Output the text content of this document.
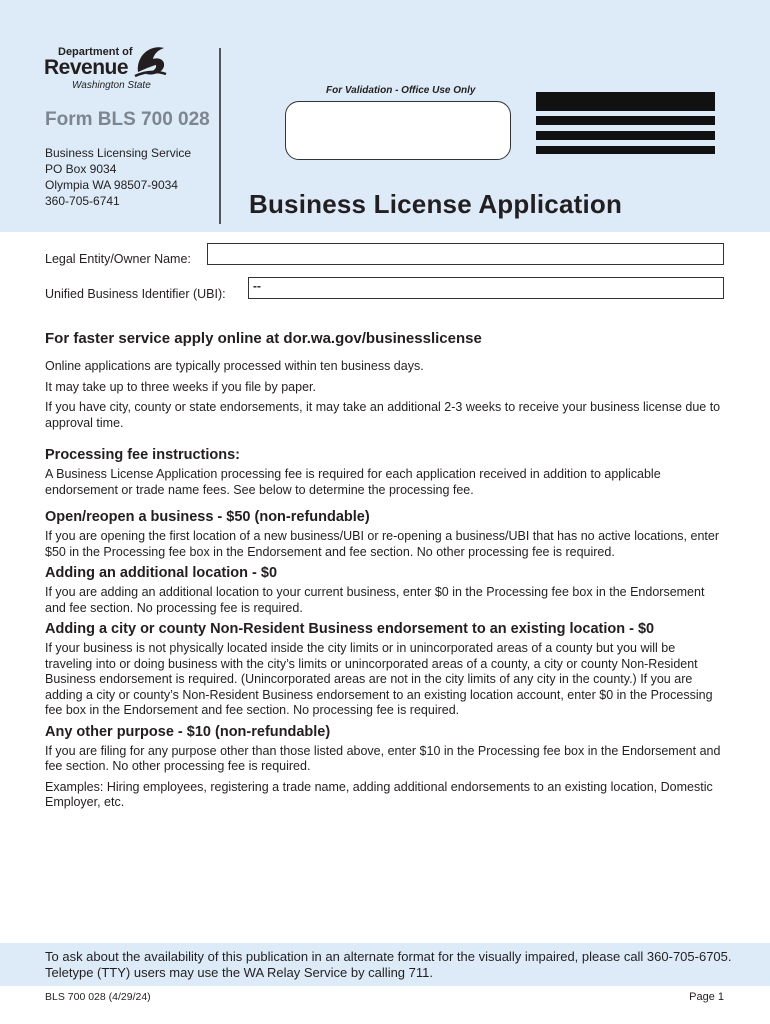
Department of
Revenue
Washington State
Form BLS 700 028
Business Licensing Service
PO Box 9034
Olympia WA 98507-9034
360-705-6741
For Validation - Office Use Only
Business License Application
Legal Entity/Owner Name:
Unified Business Identifier (UBI):
--
For faster service apply online at dor.wa.gov/businesslicense

Online applications are typically processed within ten business days.

It may take up to three weeks if you file by paper.

If you have city, county or state endorsements, it may take an additional 2-3 weeks to receive your business license due to approval time.

Processing fee instructions:

A Business License Application processing fee is required for each application received in addition to applicable endorsement or trade name fees. See below to determine the processing fee.

Open/reopen a business - $50 (non-refundable)

If you are opening the first location of a new business/UBI or re-opening a business/UBI that has no active locations, enter $50 in the Processing fee box in the Endorsement and fee section. No other processing fee is required.

Adding an additional location - $0

If you are adding an additional location to your current business, enter $0 in the Processing fee box in the Endorsement and fee section. No processing fee is required.

Adding a city or county Non-Resident Business endorsement to an existing location - $0

If your business is not physically located inside the city limits or in unincorporated areas of a county but you will be traveling into or doing business with the city’s limits or unincorporated areas of a county, a city or county Non-Resident Business endorsement is required. (Unincorporated areas are not in the city limits of any city in the county.) If you are adding a city or county’s Non-Resident Business endorsement to an existing location account, enter $0 in the Processing fee box in the Endorsement and fee section. No processing fee is required.

Any other purpose - $10 (non-refundable)

If you are filing for any purpose other than those listed above, enter $10 in the Processing fee box in the Endorsement and fee section. No other processing fee is required.

Examples: Hiring employees, registering a trade name, adding additional endorsements to an existing location, Domestic Employer, etc.

To ask about the availability of this publication in an alternate format for the visually impaired, please call 360-705-6705. Teletype (TTY) users may use the WA Relay Service by calling 711.

BLS 700 028 (4/29/24)	Page 1
